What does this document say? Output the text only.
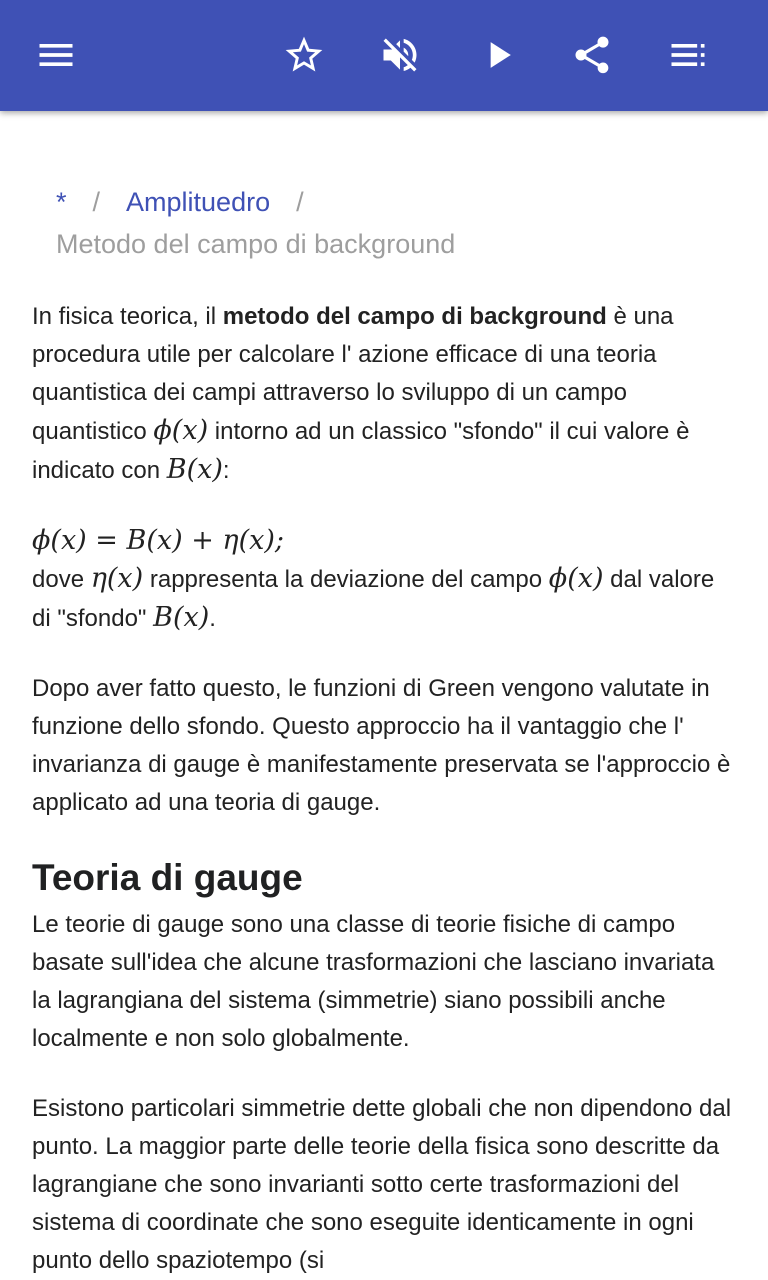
* / Amplituedro /
Metodo del campo di background

In fisica teorica, il metodo del campo di background è una procedura utile per calcolare l' azione efficace di una teoria quantistica dei campi attraverso lo sviluppo di un campo quantistico ϕ(x) intorno ad un classico "sfondo" il cui valore è indicato con B(x):

ϕ(x) = B(x) + η(x);
dove η(x) rappresenta la deviazione del campo ϕ(x) dal valore di "sfondo" B(x).

Dopo aver fatto questo, le funzioni di Green vengono valutate in funzione dello sfondo. Questo approccio ha il vantaggio che l' invarianza di gauge è manifestamente preservata se l'approccio è applicato ad una teoria di gauge.

Teoria di gauge

Le teorie di gauge sono una classe di teorie fisiche di campo basate sull'idea che alcune trasformazioni che lasciano invariata la lagrangiana del sistema (simmetrie) siano possibili anche localmente e non solo globalmente.

Esistono particolari simmetrie dette globali che non dipendono dal punto. La maggior parte delle teorie della fisica sono descritte da lagrangiane che sono invarianti sotto certe trasformazioni del sistema di coordinate che sono eseguite identicamente in ogni punto dello spaziotempo (si
